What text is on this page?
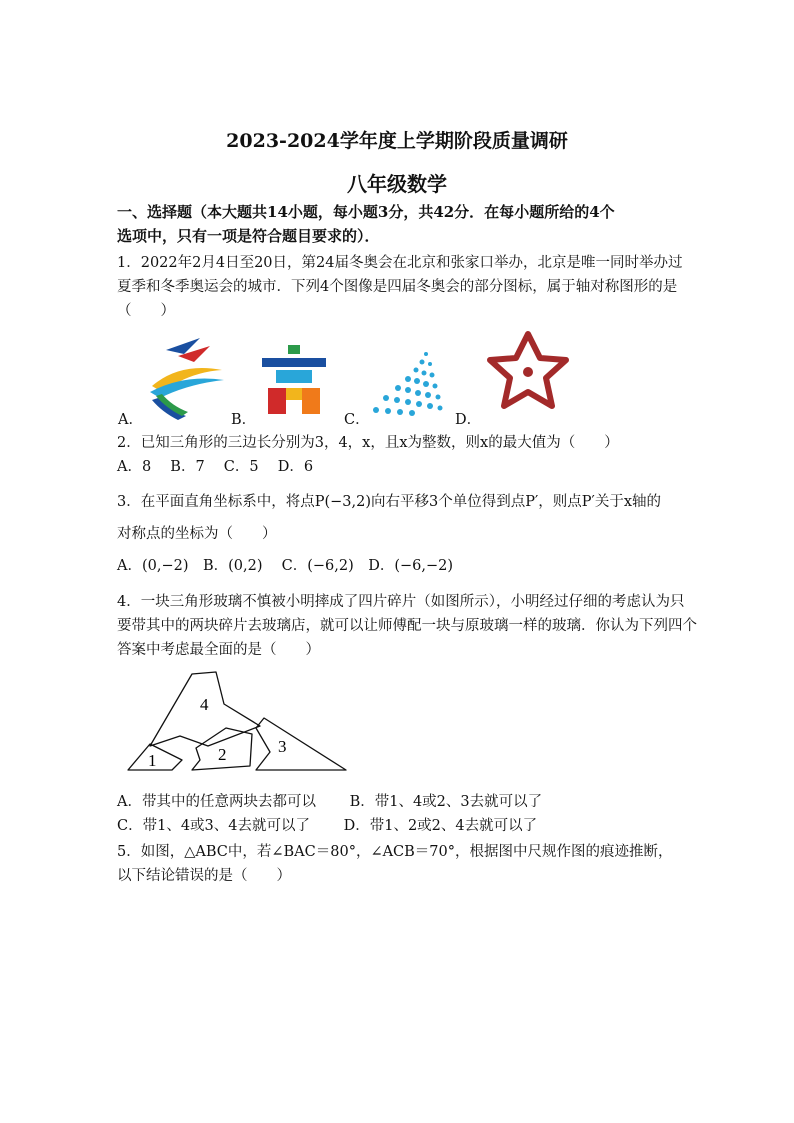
2023-2024学年度上学期阶段质量调研
八年级数学
一、选择题（本大题共14小题，每小题3分，共42分．在每小题所给的4个
选项中，只有一项是符合题目要求的）．
1．2022年2月4日至20日，第24届冬奥会在北京和张家口举办，北京是唯一同时举办过
夏季和冬季奥运会的城市．下列4个图像是四届冬奥会的部分图标，属于轴对称图形的是
（　　）
A．	B．	C．	D．
2．已知三角形的三边长分别为3，4，x，且x为整数，则x的最大值为（　　）
A．8　 B．7　 C．5　 D．6
3．在平面直角坐标系中，将点P(−3,2)向右平移3个单位得到点P′，则点P′关于x轴的
对称点的坐标为（　　）
A．(0,−2)　B．(0,2)　 C．(−6,2)　D．(−6,−2)
4．一块三角形玻璃不慎被小明摔成了四片碎片（如图所示），小明经过仔细的考虑认为只
要带其中的两块碎片去玻璃店，就可以让师傅配一块与原玻璃一样的玻璃．你认为下列四个
答案中考虑最全面的是（　　）
4
1	2	3
A．带其中的任意两块去都可以　　 B．带1、4或2、3去就可以了
C．带1、4或3、4去就可以了　　 D．带1、2或2、4去就可以了
5．如图，△ABC中，若∠BAC＝80°，∠ACB＝70°，根据图中尺规作图的痕迹推断，
以下结论错误的是（　　）
